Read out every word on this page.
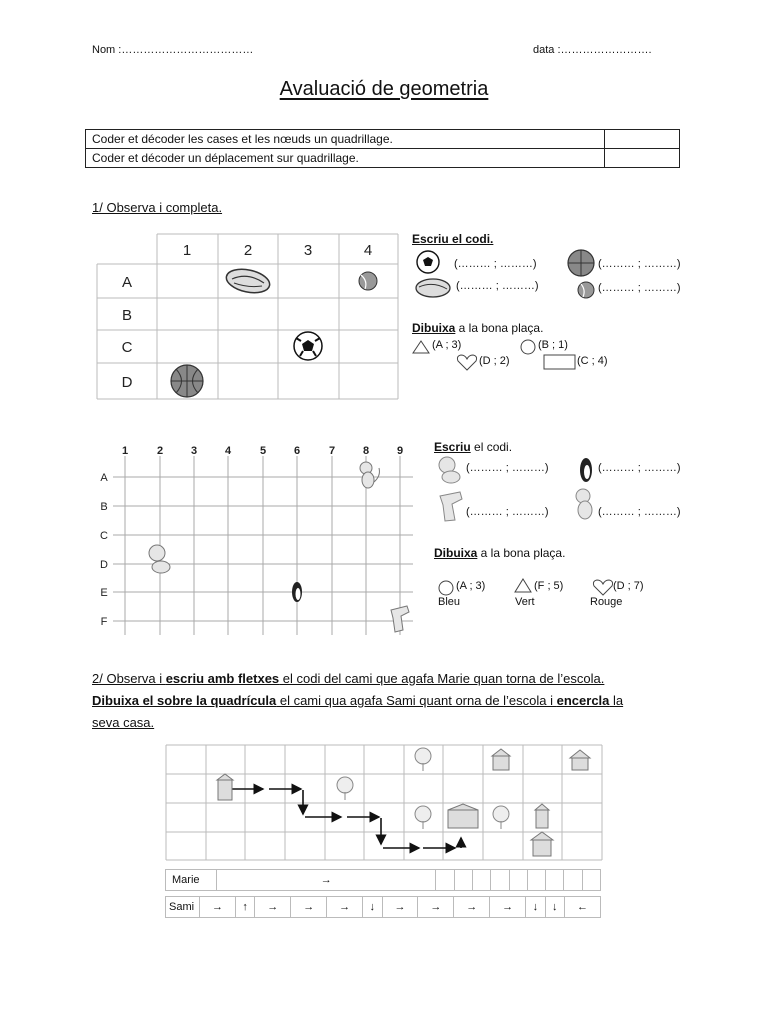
Nom :………………………………	data :…………………….
Avaluació de geometria
Coder et décoder les cases et les nœuds un quadrillage.	
Coder et décoder un déplacement sur quadrillage.	
1/ Observa i completa.
1	2	3	4
A
B
C
D
Escriu el codi.
(……… ; ………)	(……… ; ………)
(……… ; ………)	(……… ; ………)
Dibuixa a la bona plaça.
(A ; 3)	(B ; 1)
(D ; 2)	(C ; 4)
1	2	3	4	5	6	7	8	9
A
B
C
D
E
F
Escriu el codi.
(……… ; ………)	(……… ; ………)
(……… ; ………)	(……… ; ………)
Dibuixa a la bona plaça.
(A ; 3)
Bleu
(F ; 5)
Vert
(D ; 7)
Rouge
2/ Observa i escriu amb fletxes el codi del cami que agafa Marie quan torna de l’escola.
Dibuixa el sobre la quadrícula el cami qua agafa Sami quant orna de l’escola i encercla la
seva casa.
Marie	→									
Sami	→	↑	→	→	→	↓	→	→	→	→	↓	↓	←
